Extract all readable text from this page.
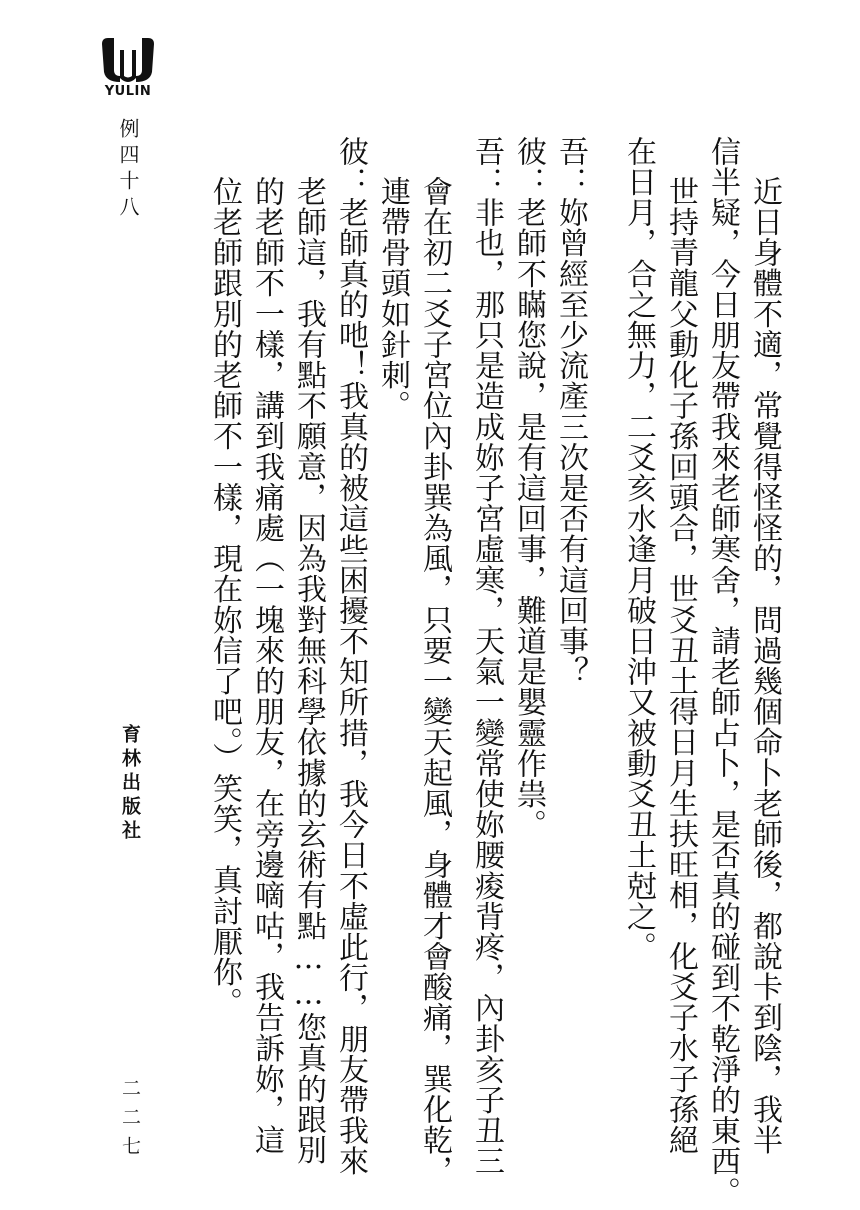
YULIN
例四十八
育林出版社
二二七	近日身體不適，常覺得怪怪的，問過幾個命卜老師後，都說卡到陰，我半
信半疑，今日朋友帶我來老師寒舍，請老師占卜，是否真的碰到不乾淨的東西。
世持青龍父動化子孫回頭合，世爻丑土得日月生扶旺相，化爻子水子孫絕
在日月，合之無力，二爻亥水逢月破日沖又被動爻丑土尅之。
吾：妳曾經至少流產三次是否有這回事？
彼：老師不瞞您說，是有這回事，難道是嬰靈作祟。
吾：非也，那只是造成妳子宮虛寒，天氣一變常使妳腰痠背疼，內卦亥子丑三
會在初二爻子宮位內卦巽為風，只要一變天起風，身體才會酸痛，巽化乾，
連帶骨頭如針刺。
彼：老師真的吔！我真的被這些困擾不知所措，我今日不虛此行，朋友帶我來
老師這，我有點不願意，因為我對無科學依據的玄術有點……您真的跟別
的老師不一樣，講到我痛處（一塊來的朋友，在旁邊嘀咕，我告訴妳，這
位老師跟別的老師不一樣，現在妳信了吧。）笑笑，真討厭你。
